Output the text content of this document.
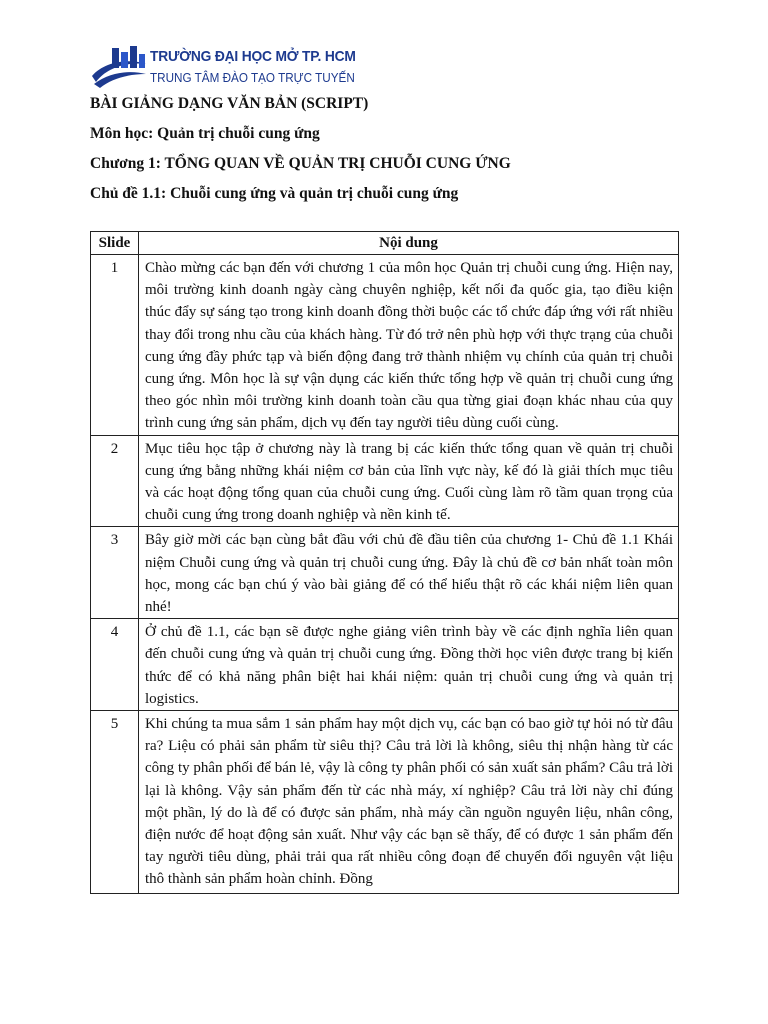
TRƯỜNG ĐẠI HỌC MỞ TP. HCM
TRUNG TÂM ĐÀO TẠO TRỰC TUYẾN
BÀI GIẢNG DẠNG VĂN BẢN (SCRIPT)
Môn học: Quản trị chuỗi cung ứng
Chương 1: TỔNG QUAN VỀ QUẢN TRỊ CHUỖI CUNG ỨNG
Chủ đề 1.1: Chuỗi cung ứng và quản trị chuỗi cung ứng
Slide	Nội dung
1	Chào mừng các bạn đến với chương 1 của môn học Quản trị chuỗi cung ứng. Hiện nay, môi trường kinh doanh ngày càng chuyên nghiệp, kết nối đa quốc gia, tạo điều kiện thúc đẩy sự sáng tạo trong kinh doanh đồng thời buộc các tổ chức đáp ứng với rất nhiều thay đổi trong nhu cầu của khách hàng. Từ đó trở nên phù hợp với thực trạng của chuỗi cung ứng đầy phức tạp và biến động đang trở thành nhiệm vụ chính của quản trị chuỗi cung ứng. Môn học là sự vận dụng các kiến thức tổng hợp về quản trị chuỗi cung ứng theo góc nhìn môi trường kinh doanh toàn cầu qua từng giai đoạn khác nhau của quy trình cung ứng sản phẩm, dịch vụ đến tay người tiêu dùng cuối cùng.
2	Mục tiêu học tập ở chương này là trang bị các kiến thức tổng quan về quản trị chuỗi cung ứng bằng những khái niệm cơ bản của lĩnh vực này, kế đó là giải thích mục tiêu và các hoạt động tổng quan của chuỗi cung ứng. Cuối cùng làm rõ tầm quan trọng của chuỗi cung ứng trong doanh nghiệp và nền kinh tế.
3	Bây giờ mời các bạn cùng bắt đầu với chủ đề đầu tiên của chương 1- Chủ đề 1.1 Khái niệm Chuỗi cung ứng và quản trị chuỗi cung ứng. Đây là chủ đề cơ bản nhất toàn môn học, mong các bạn chú ý vào bài giảng để có thể hiểu thật rõ các khái niệm liên quan nhé!
4	Ở chủ đề 1.1, các bạn sẽ được nghe giảng viên trình bày về các định nghĩa liên quan đến chuỗi cung ứng và quản trị chuỗi cung ứng. Đồng thời học viên được trang bị kiến thức để có khả năng phân biệt hai khái niệm: quản trị chuỗi cung ứng và quản trị logistics.
5	Khi chúng ta mua sắm 1 sản phẩm hay một dịch vụ, các bạn có bao giờ tự hỏi nó từ đâu ra? Liệu có phải sản phẩm từ siêu thị? Câu trả lời là không, siêu thị nhận hàng từ các công ty phân phối để bán lẻ, vậy là công ty phân phối có sản xuất sản phẩm? Câu trả lời lại là không. Vậy sản phẩm đến từ các nhà máy, xí nghiệp? Câu trả lời này chỉ đúng một phần, lý do là để có được sản phẩm, nhà máy cần nguồn nguyên liệu, nhân công, điện nước để hoạt động sản xuất. Như vậy các bạn sẽ thấy, để có được 1 sản phẩm đến tay người tiêu dùng, phải trải qua rất nhiều công đoạn để chuyển đổi nguyên vật liệu thô thành sản phẩm hoàn chỉnh. Đồng
